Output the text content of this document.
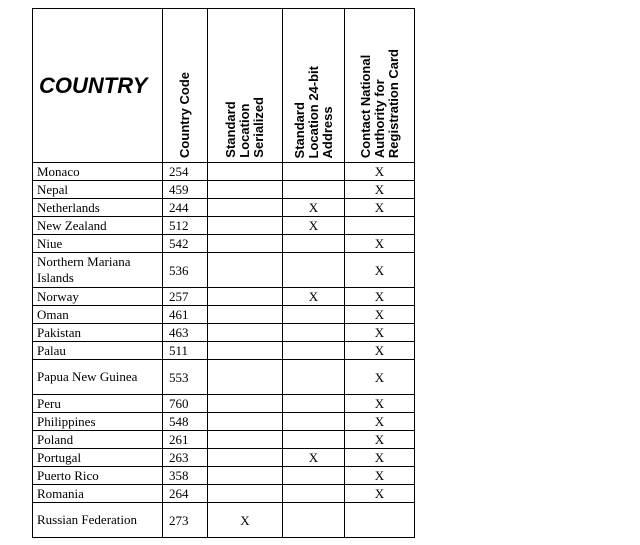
COUNTRY	Country Code	Standard
Location
Serialized	Standard
Location 24-bit
Address	Contact National
Authority for
Registration Card

Monaco	254			X
Nepal	459			X
Netherlands	244		X	X
New Zealand	512		X	
Niue	542			X
Northern Mariana Islands	536			X
Norway	257		X	X
Oman	461			X
Pakistan	463			X
Palau	511			X
Papua New Guinea	553			X
Peru	760			X
Philippines	548			X
Poland	261			X
Portugal	263		X	X
Puerto Rico	358			X
Romania	264			X
Russian Federation	273	X		
